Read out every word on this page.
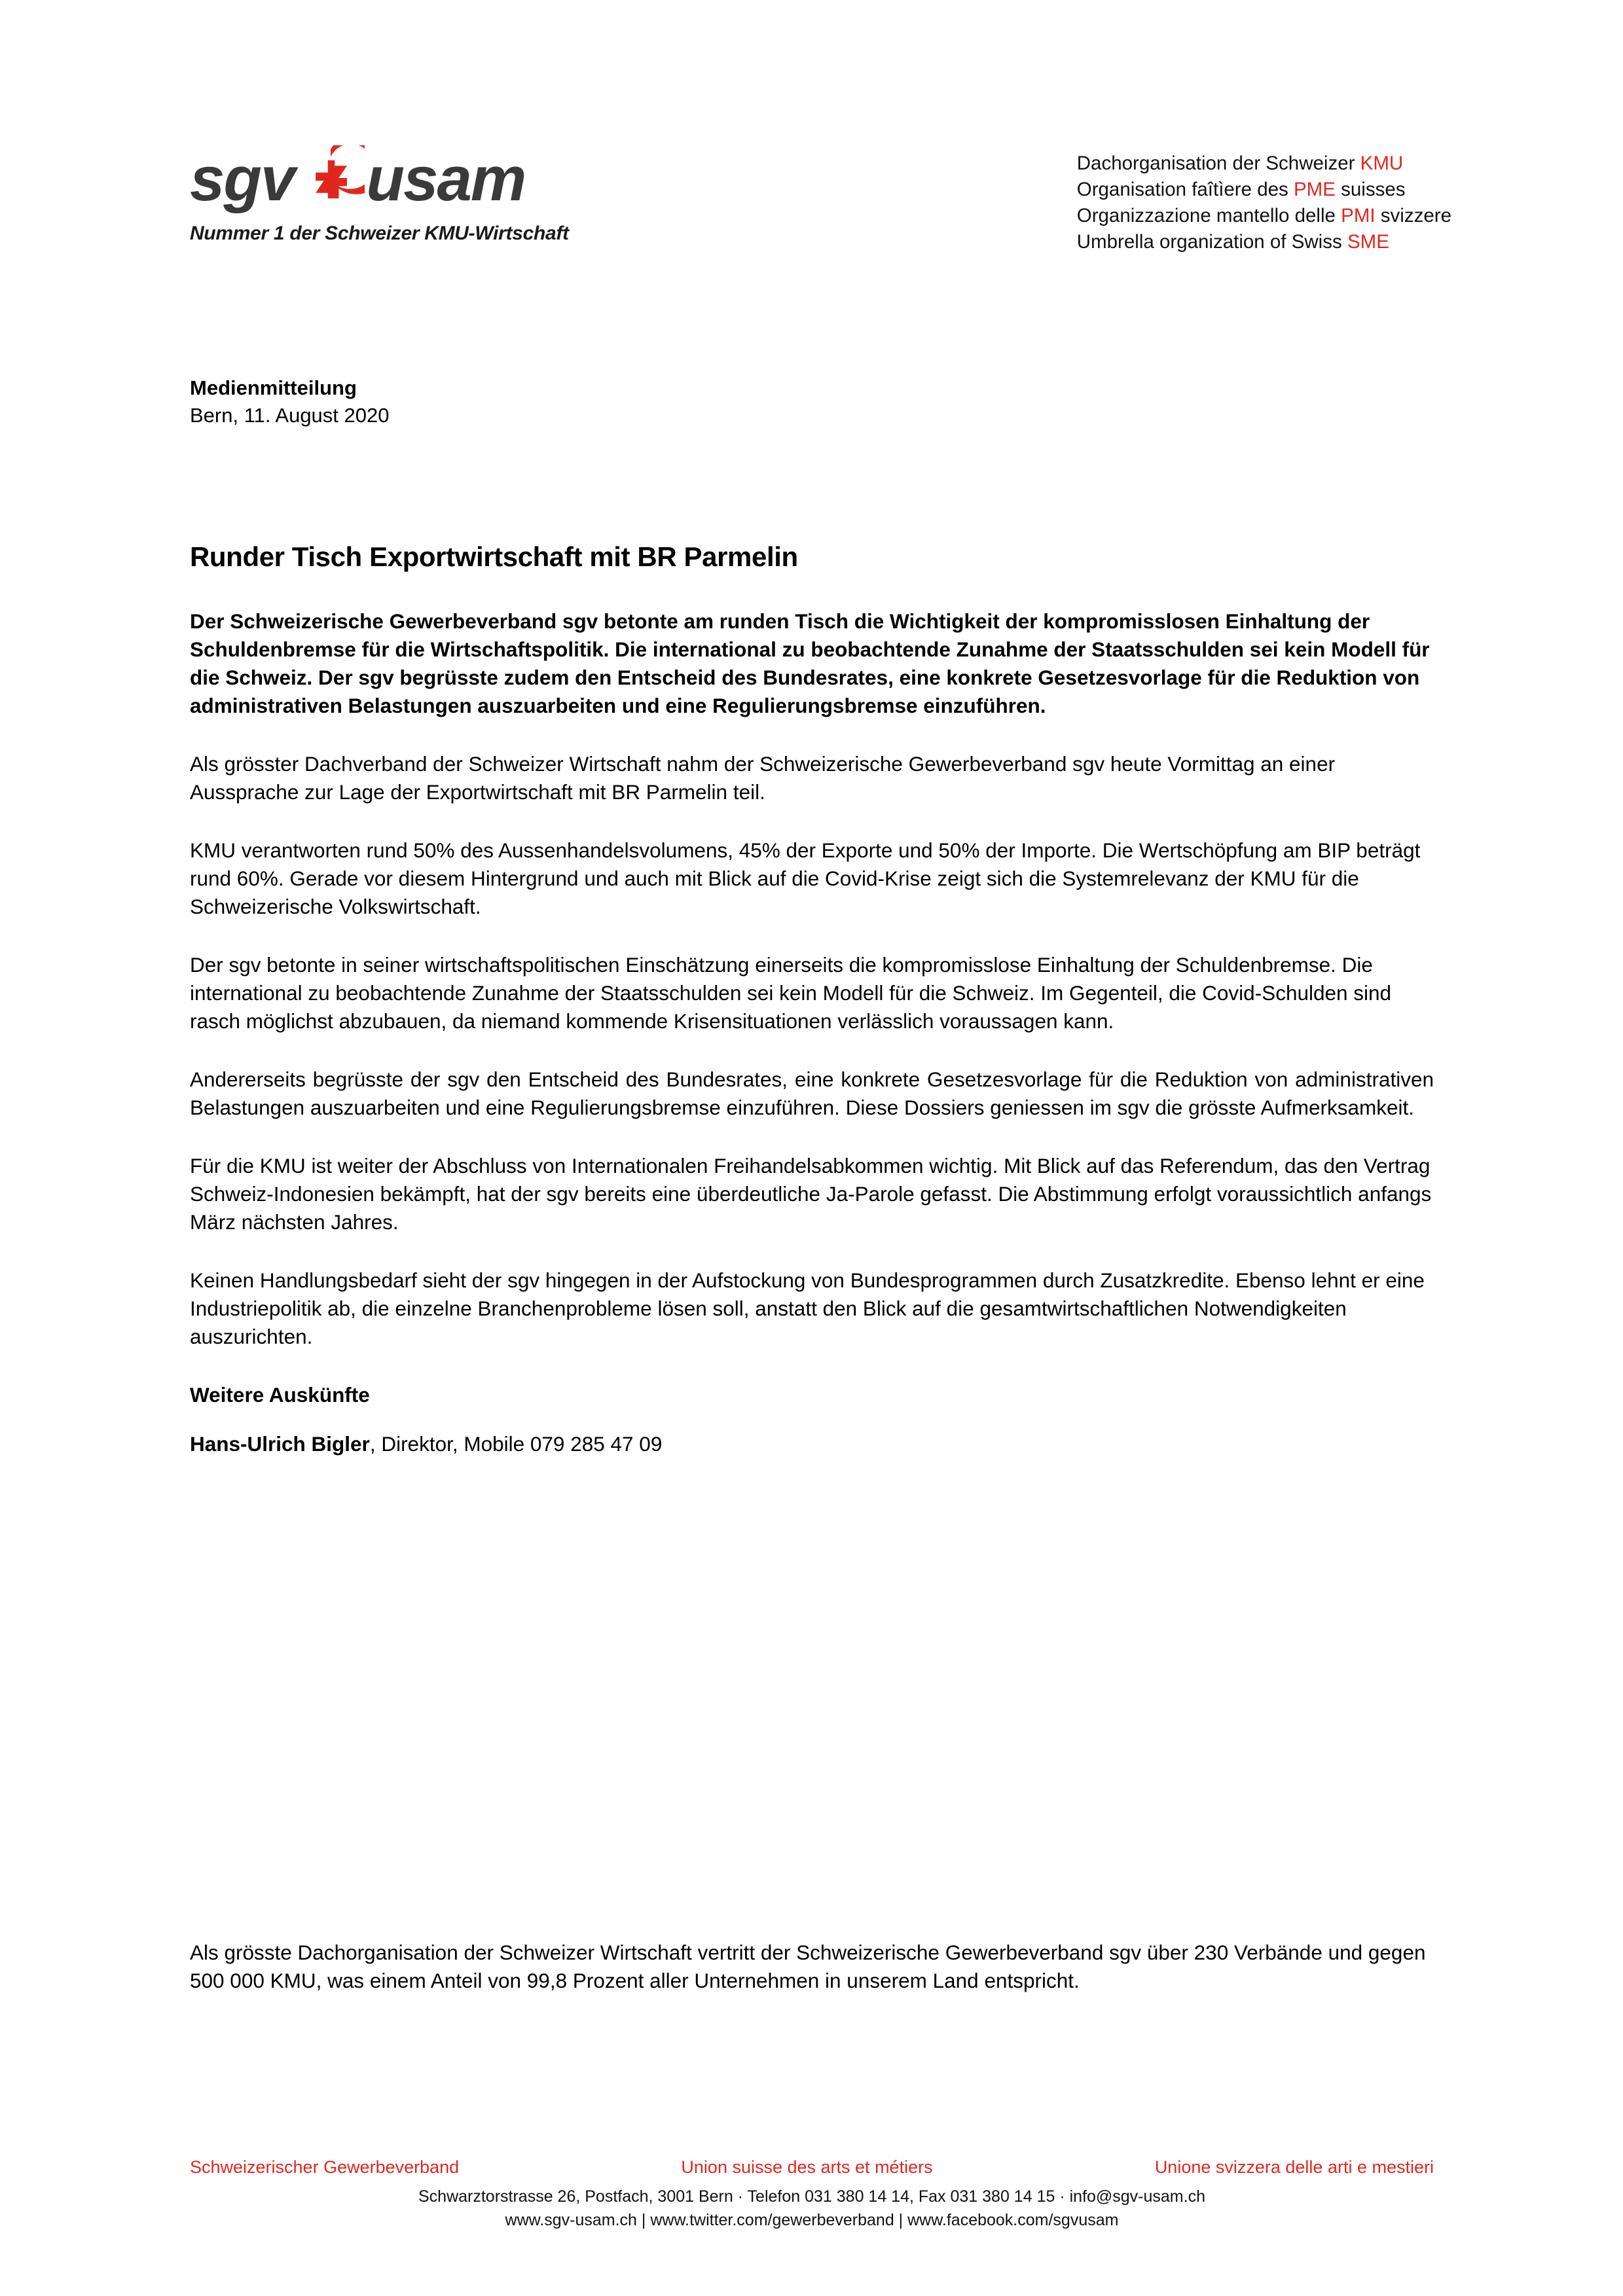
sgv usam
Nummer 1 der Schweizer KMU-Wirtschaft
Dachorganisation der Schweizer KMU
Organisation faîtìere des PME suisses
Organizzazione mantello delle PMI svizzere
Umbrella organization of Swiss SME
Medienmitteilung
Bern, 11. August 2020
Runder Tisch Exportwirtschaft mit BR Parmelin

Der Schweizerische Gewerbeverband sgv betonte am runden Tisch die Wichtigkeit der kompromisslosen Einhaltung der Schuldenbremse für die Wirtschaftspolitik. Die international zu beobachtende Zunahme der Staatsschulden sei kein Modell für die Schweiz. Der sgv begrüsste zudem den Entscheid des Bundesrates, eine konkrete Gesetzesvorlage für die Reduktion von administrativen Belastungen auszuarbeiten und eine Regulierungsbremse einzuführen.

Als grösster Dachverband der Schweizer Wirtschaft nahm der Schweizerische Gewerbeverband sgv heute Vormittag an einer Aussprache zur Lage der Exportwirtschaft mit BR Parmelin teil.

KMU verantworten rund 50% des Aussenhandelsvolumens, 45% der Exporte und 50% der Importe. Die Wertschöpfung am BIP beträgt rund 60%. Gerade vor diesem Hintergrund und auch mit Blick auf die Covid-Krise zeigt sich die Systemrelevanz der KMU für die Schweizerische Volkswirtschaft.

Der sgv betonte in seiner wirtschaftspolitischen Einschätzung einerseits die kompromisslose Einhaltung der Schuldenbremse. Die international zu beobachtende Zunahme der Staatsschulden sei kein Modell für die Schweiz. Im Gegenteil, die Covid-Schulden sind rasch möglichst abzubauen, da niemand kommende Krisensituationen verlässlich voraussagen kann.

Andererseits begrüsste der sgv den Entscheid des Bundesrates, eine konkrete Gesetzesvorlage für die Reduktion von administrativen Belastungen auszuarbeiten und eine Regulierungsbremse einzuführen. Diese Dossiers geniessen im sgv die grösste Aufmerksamkeit.

Für die KMU ist weiter der Abschluss von Internationalen Freihandelsabkommen wichtig. Mit Blick auf das Referendum, das den Vertrag Schweiz-Indonesien bekämpft, hat der sgv bereits eine überdeutliche Ja-Parole gefasst. Die Abstimmung erfolgt voraussichtlich anfangs März nächsten Jahres.

Keinen Handlungsbedarf sieht der sgv hingegen in der Aufstockung von Bundesprogrammen durch Zusatzkredite. Ebenso lehnt er eine Industriepolitik ab, die einzelne Branchenprobleme lösen soll, anstatt den Blick auf die gesamtwirtschaftlichen Notwendigkeiten auszurichten.

Weitere Auskünfte

Hans-Ulrich Bigler, Direktor, Mobile 079 285 47 09

Als grösste Dachorganisation der Schweizer Wirtschaft vertritt der Schweizerische Gewerbeverband sgv über 230 Verbände und gegen 500 000 KMU, was einem Anteil von 99,8 Prozent aller Unternehmen in unserem Land entspricht.
Schweizerischer Gewerbeverband	Union suisse des arts et métiers	Unione svizzera delle arti e mestieri
Schwarztorstrasse 26, Postfach, 3001 Bern · Telefon 031 380 14 14, Fax 031 380 14 15 · info@sgv-usam.ch
www.sgv-usam.ch | www.twitter.com/gewerbeverband | www.facebook.com/sgvusam
